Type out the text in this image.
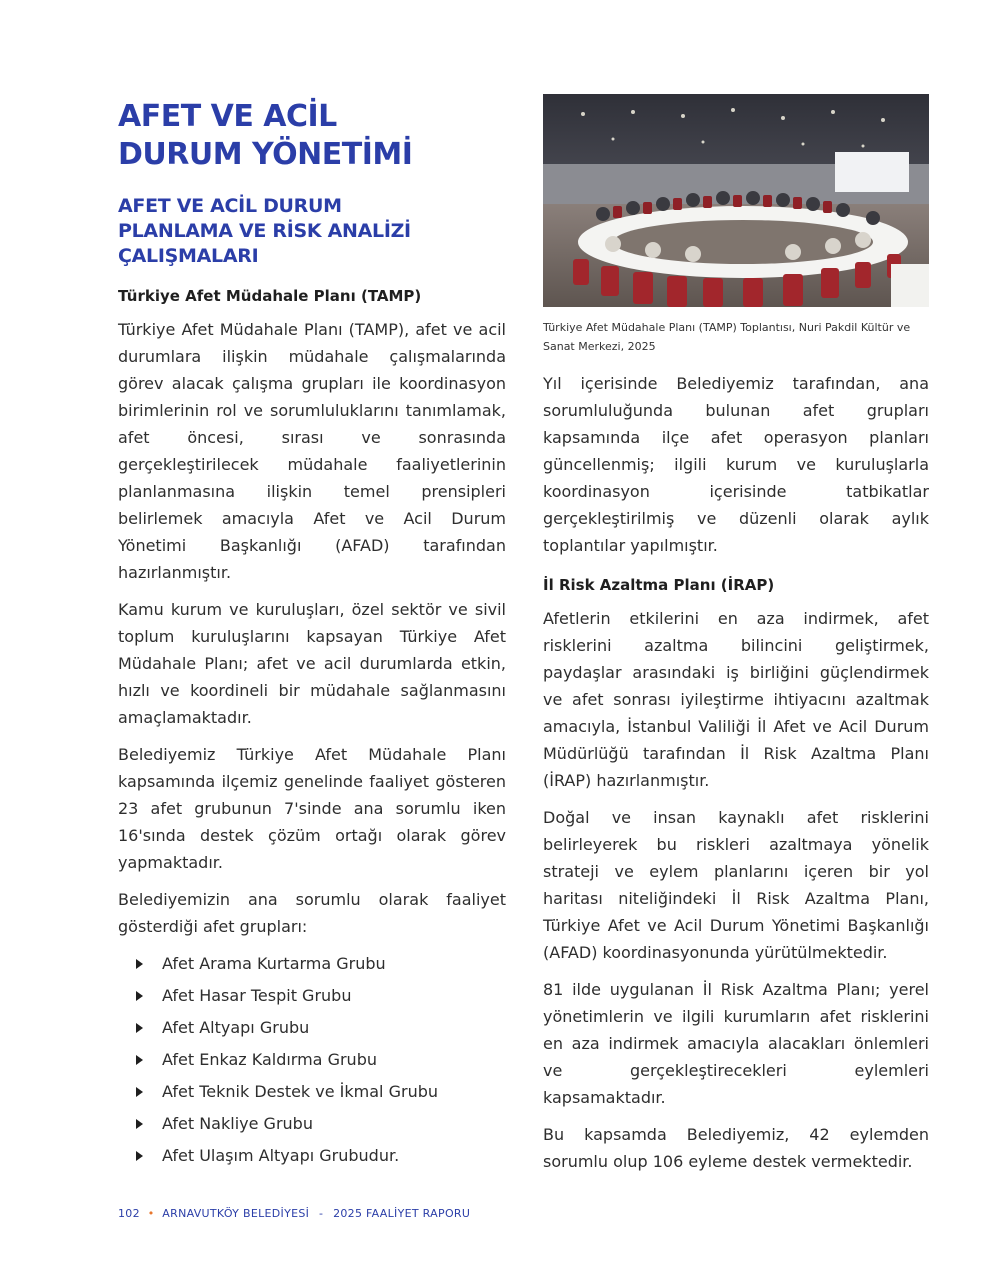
AFET VE ACİL
DURUM YÖNETİMİ
AFET VE ACİL DURUM
PLANLAMA VE RİSK ANALİZİ
ÇALIŞMALARI
Türkiye Afet Müdahale Planı (TAMP)

Türkiye Afet Müdahale Planı (TAMP), afet ve acil durumlara ilişkin müdahale çalışmalarında görev alacak çalışma grupları ile koordinasyon birimlerinin rol ve sorumluluklarını tanımlamak, afet öncesi, sırası ve sonrasında gerçekleştirilecek müdahale faaliyetlerinin planlanmasına ilişkin temel prensipleri belirlemek amacıyla Afet ve Acil Durum Yönetimi Başkanlığı (AFAD) tarafından hazırlanmıştır.

Kamu kurum ve kuruluşları, özel sektör ve sivil toplum kuruluşlarını kapsayan Türkiye Afet Müdahale Planı; afet ve acil durumlarda etkin, hızlı ve koordineli bir müdahale sağlanmasını amaçlamaktadır.

Belediyemiz Türkiye Afet Müdahale Planı kapsamında ilçemiz genelinde faaliyet gösteren 23 afet grubunun 7'sinde ana sorumlu iken 16'sında destek çözüm ortağı olarak görev yapmaktadır.

Belediyemizin ana sorumlu olarak faaliyet gösterdiği afet grupları:

Afet Arama Kurtarma Grubu
Afet Hasar Tespit Grubu
Afet Altyapı Grubu
Afet Enkaz Kaldırma Grubu
Afet Teknik Destek ve İkmal Grubu
Afet Nakliye Grubu
Afet Ulaşım Altyapı Grubudur.

Türkiye Afet Müdahale Planı (TAMP) Toplantısı, Nuri Pakdil Kültür ve Sanat Merkezi, 2025

Yıl içerisinde Belediyemiz tarafından, ana sorumluluğunda bulunan afet grupları kapsamında ilçe afet operasyon planları güncellenmiş; ilgili kurum ve kuruluşlarla koordinasyon içerisinde tatbikatlar gerçekleştirilmiş ve düzenli olarak aylık toplantılar yapılmıştır.

İl Risk Azaltma Planı (İRAP)

Afetlerin etkilerini en aza indirmek, afet risklerini azaltma bilincini geliştirmek, paydaşlar arasındaki iş birliğini güçlendirmek ve afet sonrası iyileştirme ihtiyacını azaltmak amacıyla, İstanbul Valiliği İl Afet ve Acil Durum Müdürlüğü tarafından İl Risk Azaltma Planı (İRAP) hazırlanmıştır.

Doğal ve insan kaynaklı afet risklerini belirleyerek bu riskleri azaltmaya yönelik strateji ve eylem planlarını içeren bir yol haritası niteliğindeki İl Risk Azaltma Planı, Türkiye Afet ve Acil Durum Yönetimi Başkanlığı (AFAD) koordinasyonunda yürütülmektedir.

81 ilde uygulanan İl Risk Azaltma Planı; yerel yönetimlerin ve ilgili kurumların afet risklerini en aza indirmek amacıyla alacakları önlemleri ve gerçekleştirecekleri eylemleri kapsamaktadır.

Bu kapsamda Belediyemiz, 42 eylemden sorumlu olup 106 eyleme destek vermektedir.

102 • ARNAVUTKÖY BELEDİYESİ - 2025 FAALİYET RAPORU
